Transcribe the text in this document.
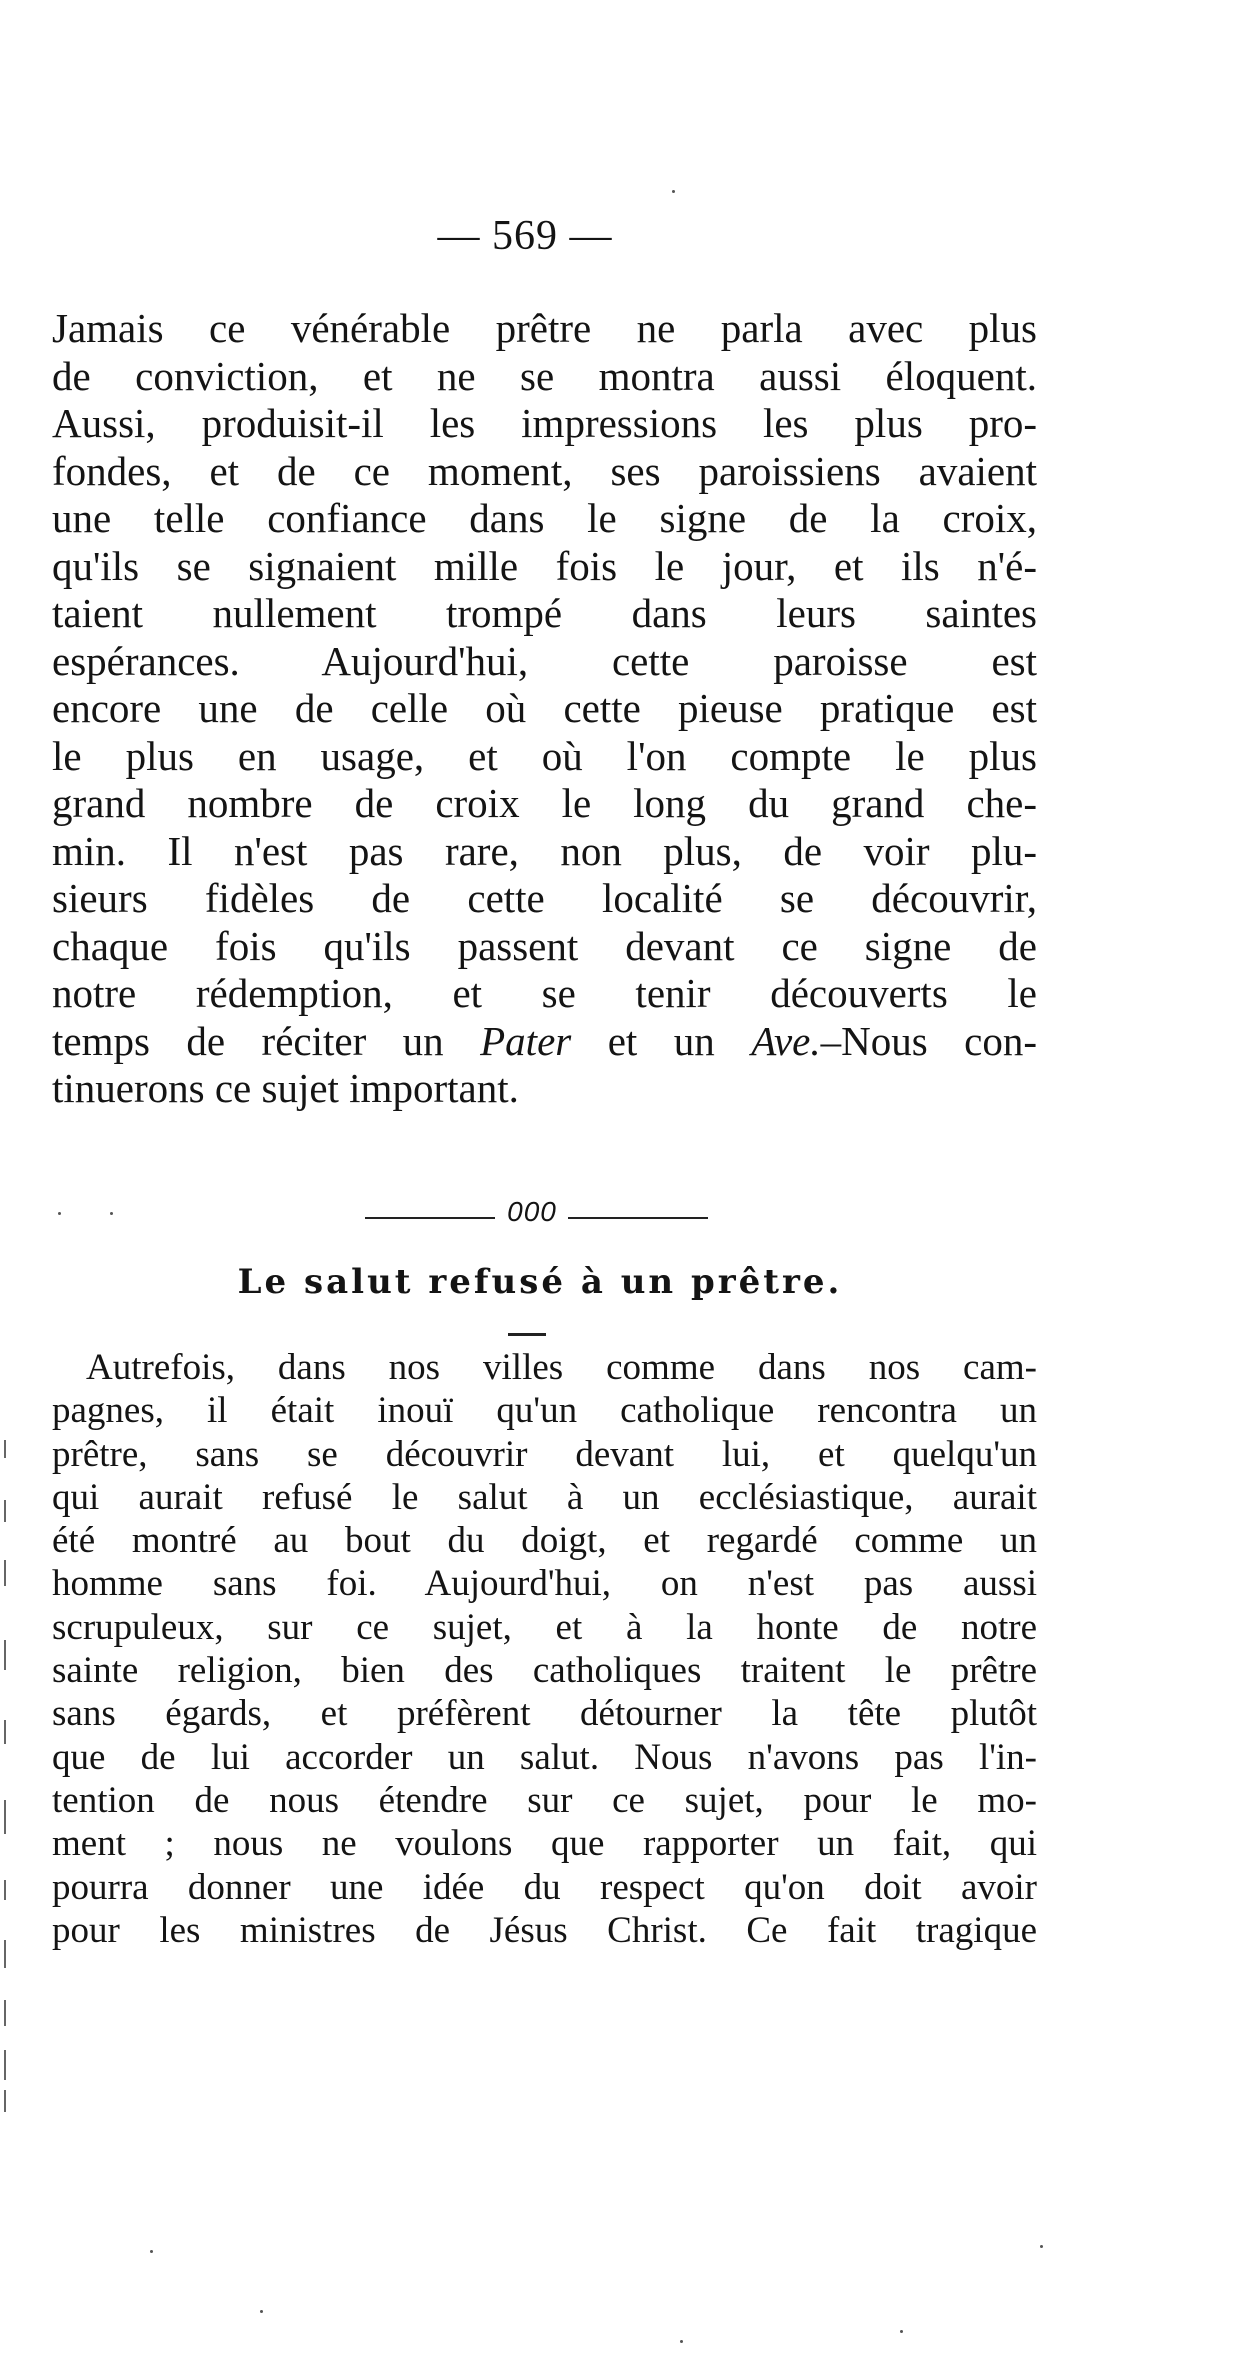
— 569 —
Jamais ce vénérable prêtre ne parla avec plus
de conviction, et ne se montra aussi éloquent.
Aussi, produisit-il les impressions les plus pro-
fondes, et de ce moment, ses paroissiens avaient
une telle confiance dans le signe de la croix,
qu'ils se signaient mille fois le jour, et ils n'é-
taient nullement trompé dans leurs saintes
espérances. Aujourd'hui, cette paroisse est
encore une de celle où cette pieuse pratique est
le plus en usage, et où l'on compte le plus
grand nombre de croix le long du grand che-
min. Il n'est pas rare, non plus, de voir plu-
sieurs fidèles de cette localité se découvrir,
chaque fois qu'ils passent devant ce signe de
notre rédemption, et se tenir découverts le
temps de réciter un Pater et un Ave.–Nous con-
tinuerons ce sujet important.
000
Le salut refusé à un prêtre.
Autrefois, dans nos villes comme dans nos cam-
pagnes, il était inouï qu'un catholique rencontra un
prêtre, sans se découvrir devant lui, et quelqu'un
qui aurait refusé le salut à un ecclésiastique, aurait
été montré au bout du doigt, et regardé comme un
homme sans foi. Aujourd'hui, on n'est pas aussi
scrupuleux, sur ce sujet, et à la honte de notre
sainte religion, bien des catholiques traitent le prêtre
sans égards, et préfèrent détourner la tête plutôt
que de lui accorder un salut. Nous n'avons pas l'in-
tention de nous étendre sur ce sujet, pour le mo-
ment ; nous ne voulons que rapporter un fait, qui
pourra donner une idée du respect qu'on doit avoir
pour les ministres de Jésus Christ. Ce fait tragique
